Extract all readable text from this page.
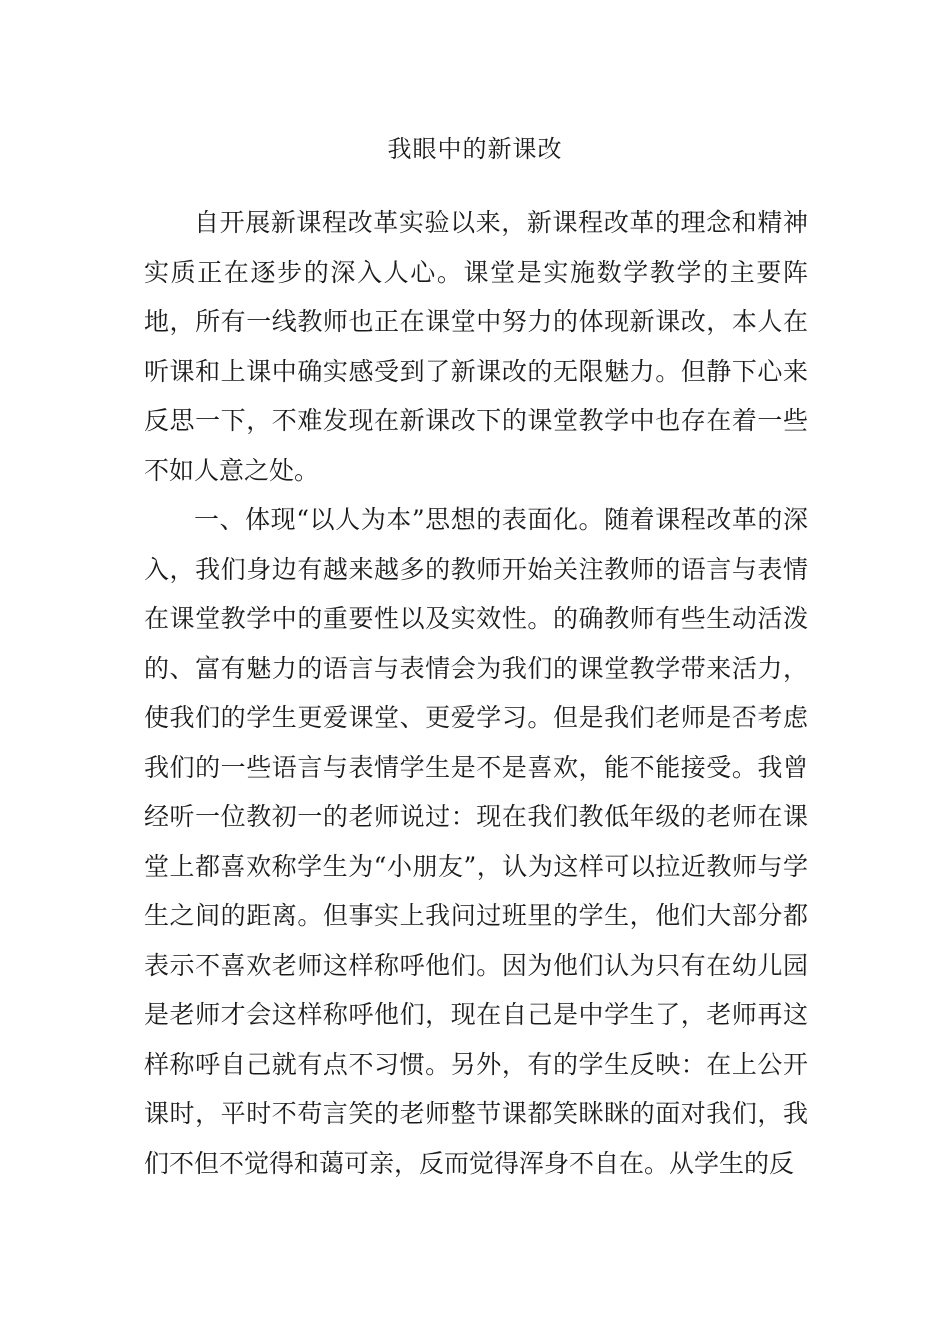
我眼中的新课改

自开展新课程改革实验以来，新课程改革的理念和精神实质正在逐步的深入人心。课堂是实施数学教学的主要阵地，所有一线教师也正在课堂中努力的体现新课改，本人在听课和上课中确实感受到了新课改的无限魅力。但静下心来反思一下，不难发现在新课改下的课堂教学中也存在着一些不如人意之处。

一、体现“以人为本”思想的表面化。随着课程改革的深入，我们身边有越来越多的教师开始关注教师的语言与表情在课堂教学中的重要性以及实效性。的确教师有些生动活泼的、富有魅力的语言与表情会为我们的课堂教学带来活力，使我们的学生更爱课堂、更爱学习。但是我们老师是否考虑我们的一些语言与表情学生是不是喜欢，能不能接受。我曾经听一位教初一的老师说过：现在我们教低年级的老师在课堂上都喜欢称学生为“小朋友”，认为这样可以拉近教师与学生之间的距离。但事实上我问过班里的学生，他们大部分都表示不喜欢老师这样称呼他们。因为他们认为只有在幼儿园是老师才会这样称呼他们，现在自己是中学生了，老师再这样称呼自己就有点不习惯。另外，有的学生反映：在上公开课时，平时不苟言笑的老师整节课都笑眯眯的面对我们，我们不但不觉得和蔼可亲，反而觉得浑身不自在。从学生的反
